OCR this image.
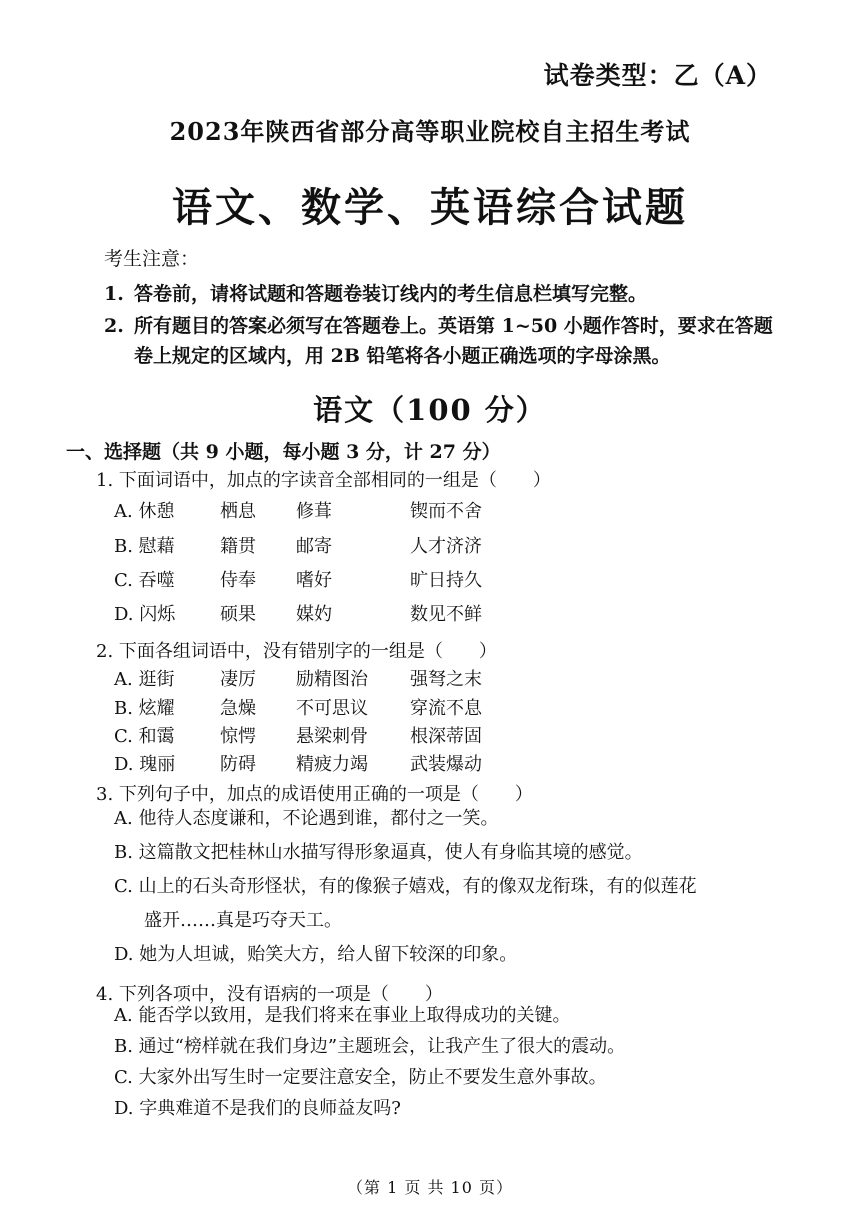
试卷类型：乙（A）
2023年陕西省部分高等职业院校自主招生考试
语文、数学、英语综合试题
考生注意：
1. 答卷前，请将试题和答题卷装订线内的考生信息栏填写完整。
2. 所有题目的答案必须写在答题卷上。英语第 1~50 小题作答时，要求在答题卷上规定的区域内，用 2B 铅笔将各小题正确选项的字母涂黑。
语文（100 分）
一、选择题（共 9 小题，每小题 3 分，计 27 分）
1. 下面词语中，加点的字读音全部相同的一组是（　　）
A. 休憩	栖息	修葺	锲而不舍
B. 慰藉	籍贯	邮寄	人才济济
C. 吞噬	侍奉	嗜好	旷日持久
D. 闪烁	硕果	媒妁	数见不鲜
2. 下面各组词语中，没有错别字的一组是（　　）
A. 逛街	凄厉	励精图治	强弩之末
B. 炫耀	急燥	不可思议	穿流不息
C. 和霭	惊愕	悬梁刺骨	根深蒂固
D. 瑰丽	防碍	精疲力竭	武装爆动
3. 下列句子中，加点的成语使用正确的一项是（　　）
A. 他待人态度谦和，不论遇到谁，都付之一笑。
B. 这篇散文把桂林山水描写得形象逼真，使人有身临其境的感觉。
C. 山上的石头奇形怪状，有的像猴子嬉戏，有的像双龙衔珠，有的似莲花
盛开……真是巧夺天工。
D. 她为人坦诚，贻笑大方，给人留下较深的印象。
4. 下列各项中，没有语病的一项是（　　）
A. 能否学以致用，是我们将来在事业上取得成功的关键。
B. 通过“榜样就在我们身边”主题班会，让我产生了很大的震动。
C. 大家外出写生时一定要注意安全，防止不要发生意外事故。
D. 字典难道不是我们的良师益友吗?
（第 1 页 共 10 页）
